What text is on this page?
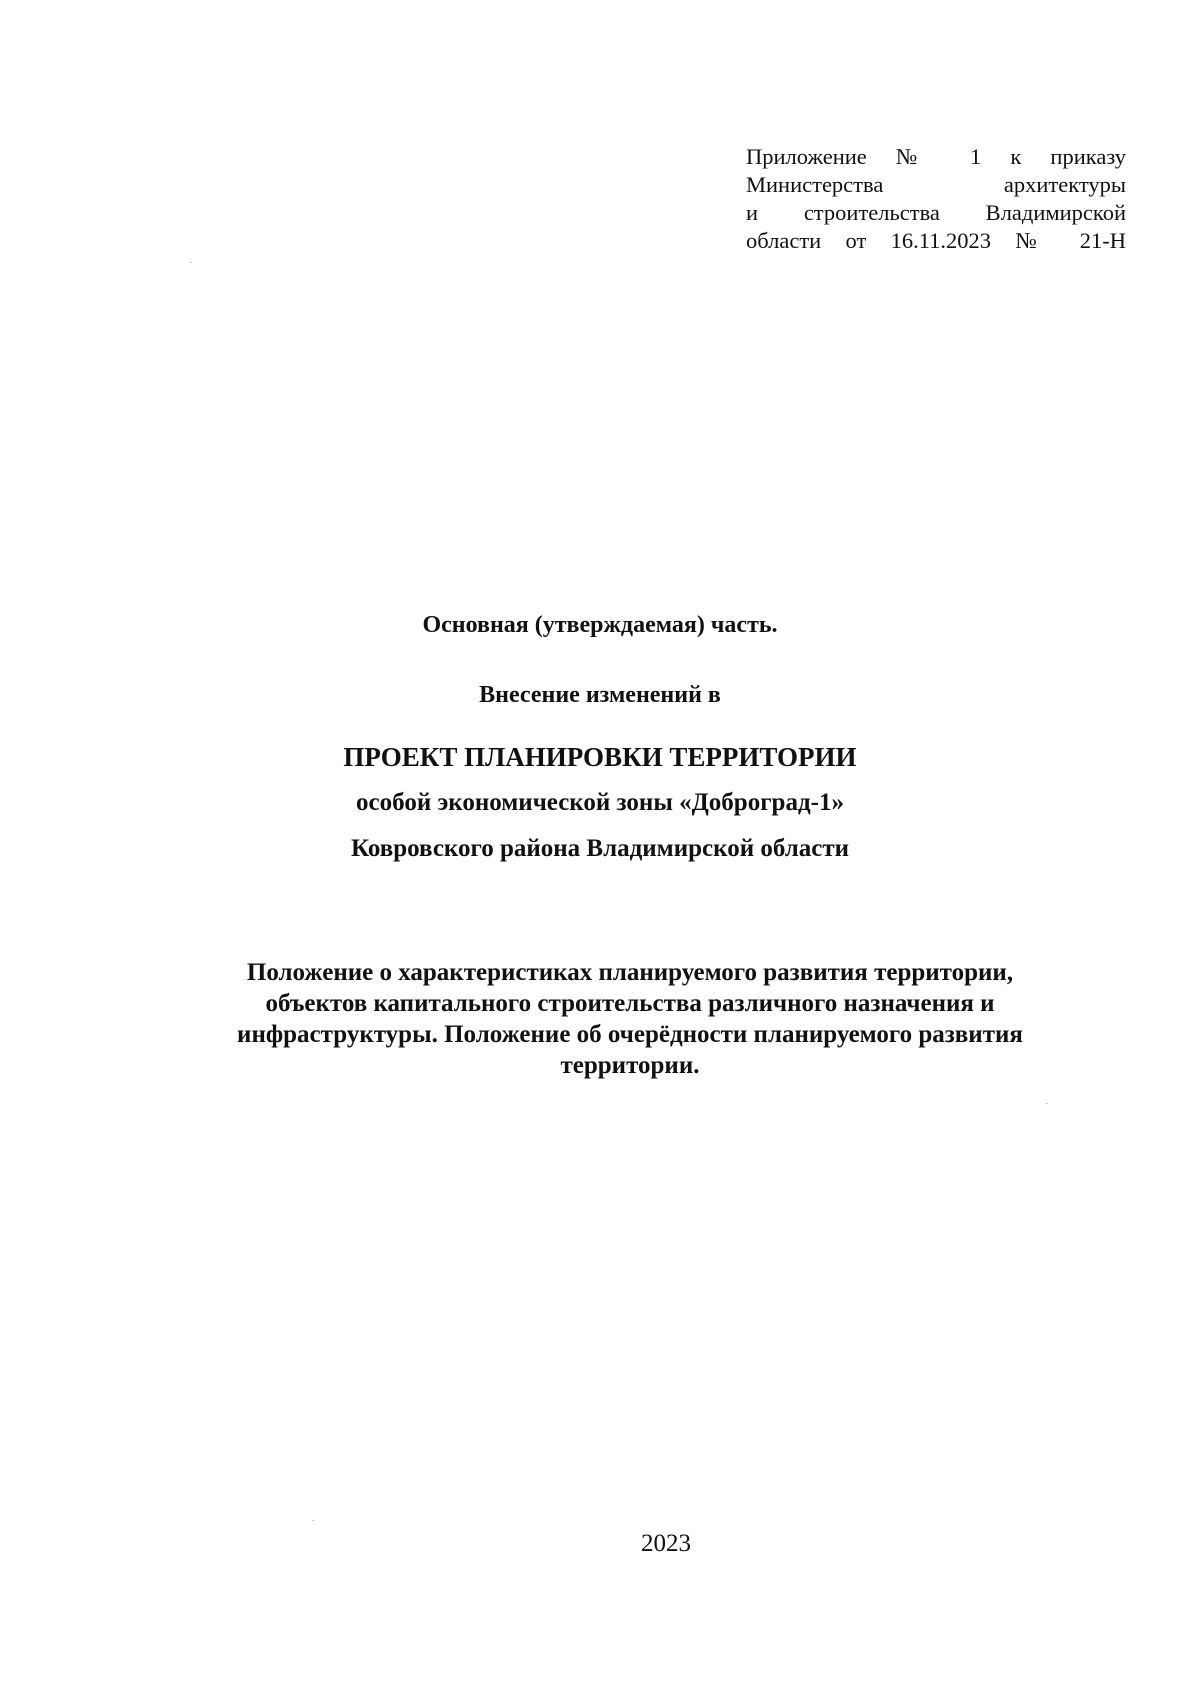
Приложение № 1 к приказу
Министерства архитектуры
и строительства Владимирской
области от 16.11.2023 № 21-Н
Основная (утверждаемая) часть.
Внесение изменений в
ПРОЕКТ ПЛАНИРОВКИ ТЕРРИТОРИИ
особой экономической зоны «Доброград-1»
Ковровского района Владимирской области
Положение о характеристиках планируемого развития территории,
объектов капитального строительства различного назначения и
инфраструктуры. Положение об очерёдности планируемого развития
территории.
2023
